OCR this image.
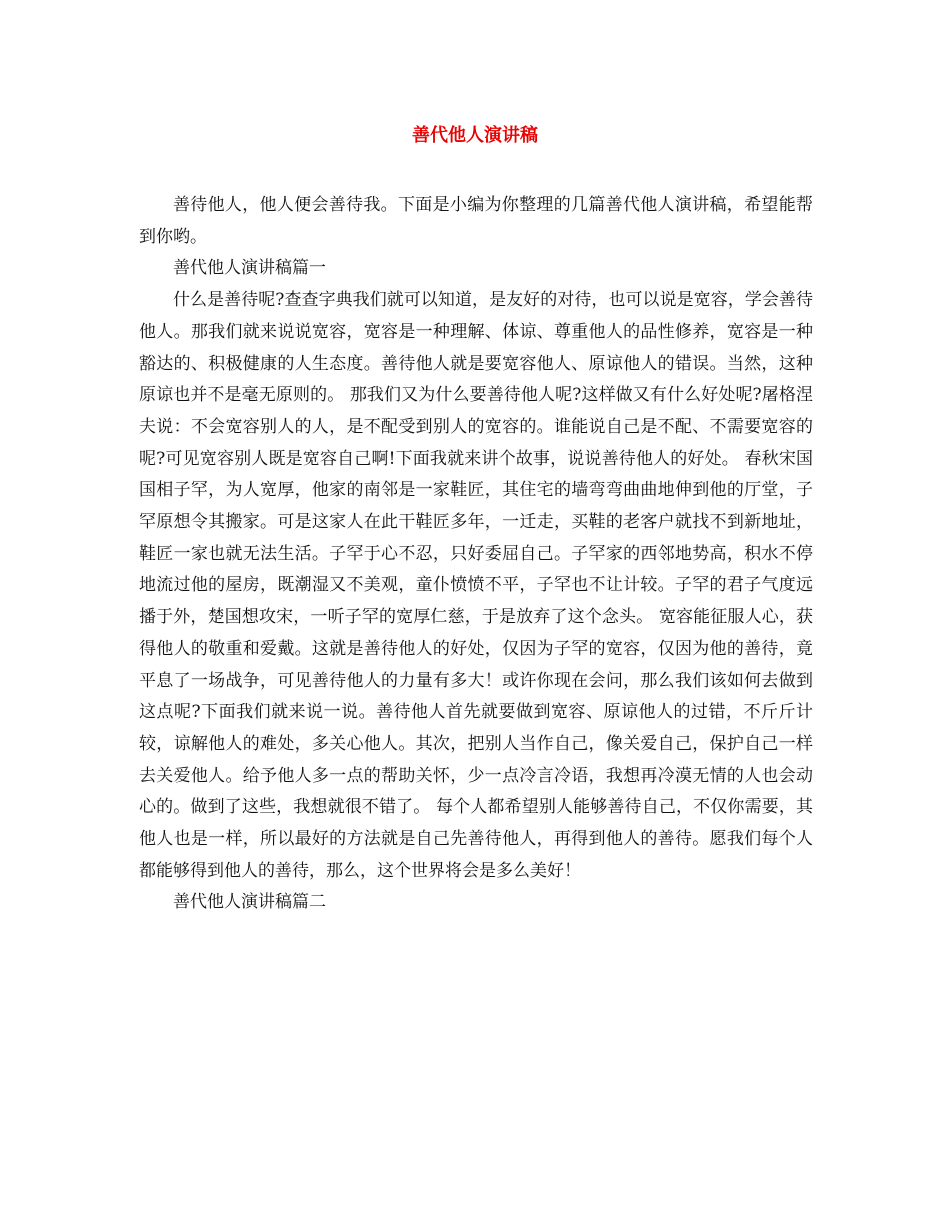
善代他人演讲稿

善待他人，他人便会善待我。下面是小编为你整理的几篇善代他人演讲稿，希望能帮到你哟。

善代他人演讲稿篇一

什么是善待呢?查查字典我们就可以知道，是友好的对待，也可以说是宽容，学会善待他人。那我们就来说说宽容，宽容是一种理解、体谅、尊重他人的品性修养，宽容是一种豁达的、积极健康的人生态度。善待他人就是要宽容他人、原谅他人的错误。当然，这种原谅也并不是毫无原则的。 那我们又为什么要善待他人呢?这样做又有什么好处呢?屠格涅夫说：不会宽容别人的人，是不配受到别人的宽容的。谁能说自己是不配、不需要宽容的呢?可见宽容别人既是宽容自己啊!下面我就来讲个故事，说说善待他人的好处。 春秋宋国国相子罕，为人宽厚，他家的南邻是一家鞋匠，其住宅的墙弯弯曲曲地伸到他的厅堂，子罕原想令其搬家。可是这家人在此干鞋匠多年，一迁走，买鞋的老客户就找不到新地址，鞋匠一家也就无法生活。子罕于心不忍，只好委屈自己。子罕家的西邻地势高，积水不停地流过他的屋房，既潮湿又不美观，童仆愤愤不平，子罕也不让计较。子罕的君子气度远播于外，楚国想攻宋，一听子罕的宽厚仁慈，于是放弃了这个念头。 宽容能征服人心，获得他人的敬重和爱戴。这就是善待他人的好处，仅因为子罕的宽容，仅因为他的善待，竟平息了一场战争，可见善待他人的力量有多大！或许你现在会问，那么我们该如何去做到这点呢?下面我们就来说一说。善待他人首先就要做到宽容、原谅他人的过错，不斤斤计较，谅解他人的难处，多关心他人。其次，把别人当作自己，像关爱自己，保护自己一样去关爱他人。给予他人多一点的帮助关怀，少一点冷言冷语，我想再冷漠无情的人也会动心的。做到了这些，我想就很不错了。 每个人都希望别人能够善待自己，不仅你需要，其他人也是一样，所以最好的方法就是自己先善待他人，再得到他人的善待。愿我们每个人都能够得到他人的善待，那么，这个世界将会是多么美好！

善代他人演讲稿篇二
